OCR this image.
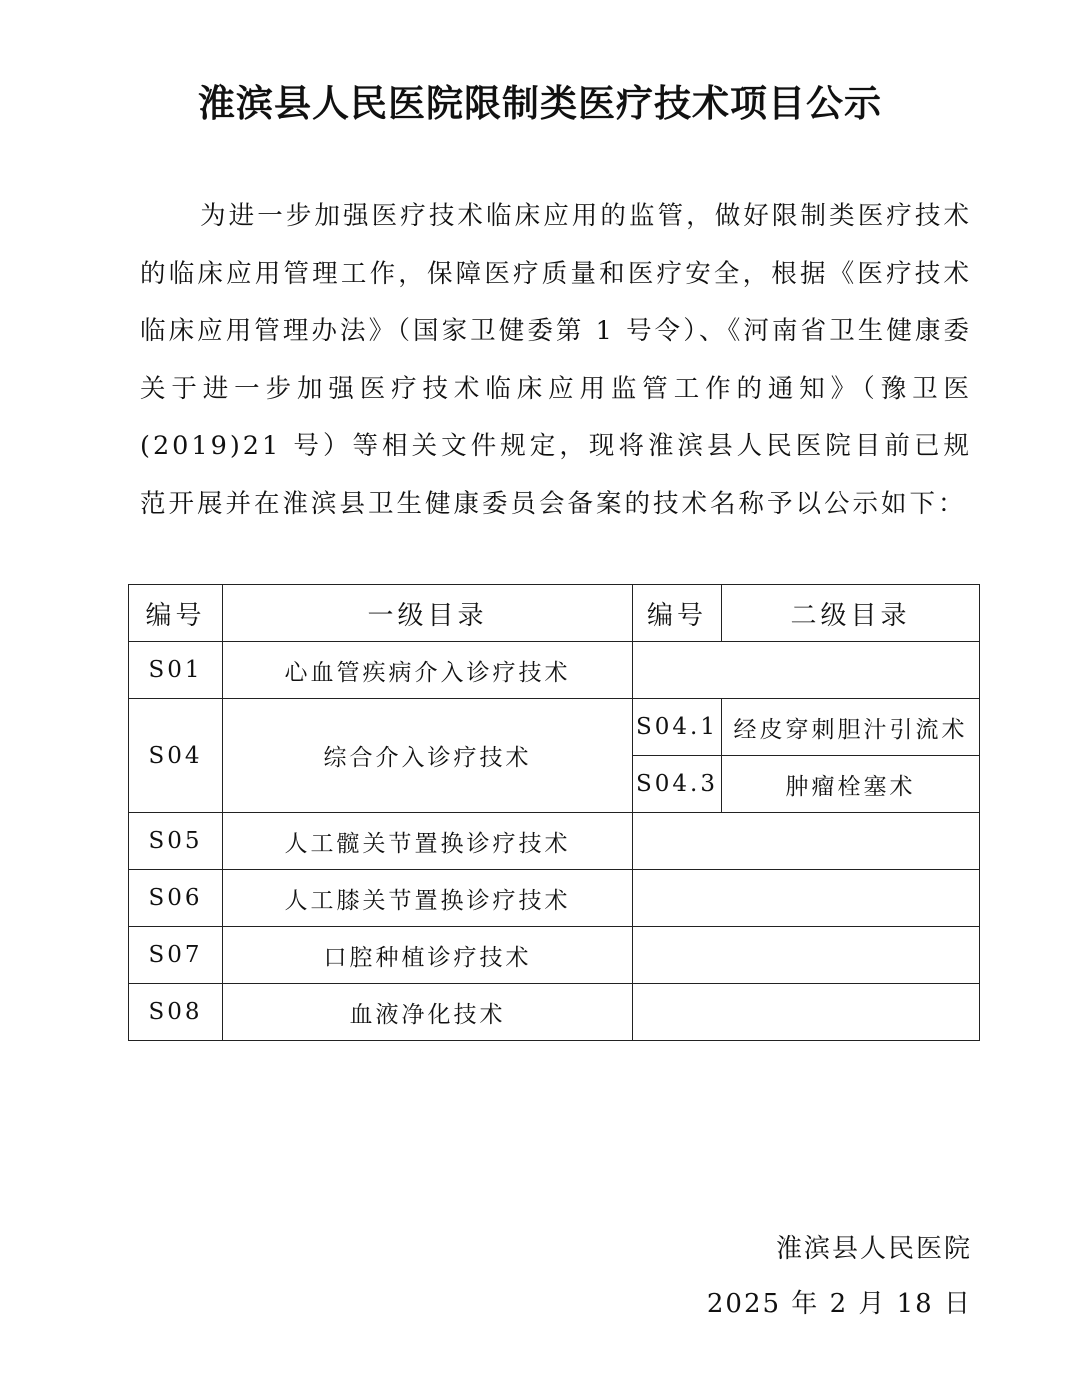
淮滨县人民医院限制类医疗技术项目公示
为进一步加强医疗技术临床应用的监管，做好限制类医疗技术的临床应用管理工作，保障医疗质量和医疗安全，根据《医疗技术临床应用管理办法》（国家卫健委第 1 号令）、《河南省卫生健康委关于进一步加强医疗技术临床应用监管工作的通知》（豫卫医(2019)21 号）等相关文件规定，现将淮滨县人民医院目前已规范开展并在淮滨县卫生健康委员会备案的技术名称予以公示如下：
编号	一级目录	编号	二级目录
S01	心血管疾病介入诊疗技术		
S04	综合介入诊疗技术	S04.1	经皮穿刺胆汁引流术
		S04.3	肿瘤栓塞术
S05	人工髋关节置换诊疗技术		
S06	人工膝关节置换诊疗技术		
S07	口腔种植诊疗技术		
S08	血液净化技术		
淮滨县人民医院
2025 年 2 月 18 日
